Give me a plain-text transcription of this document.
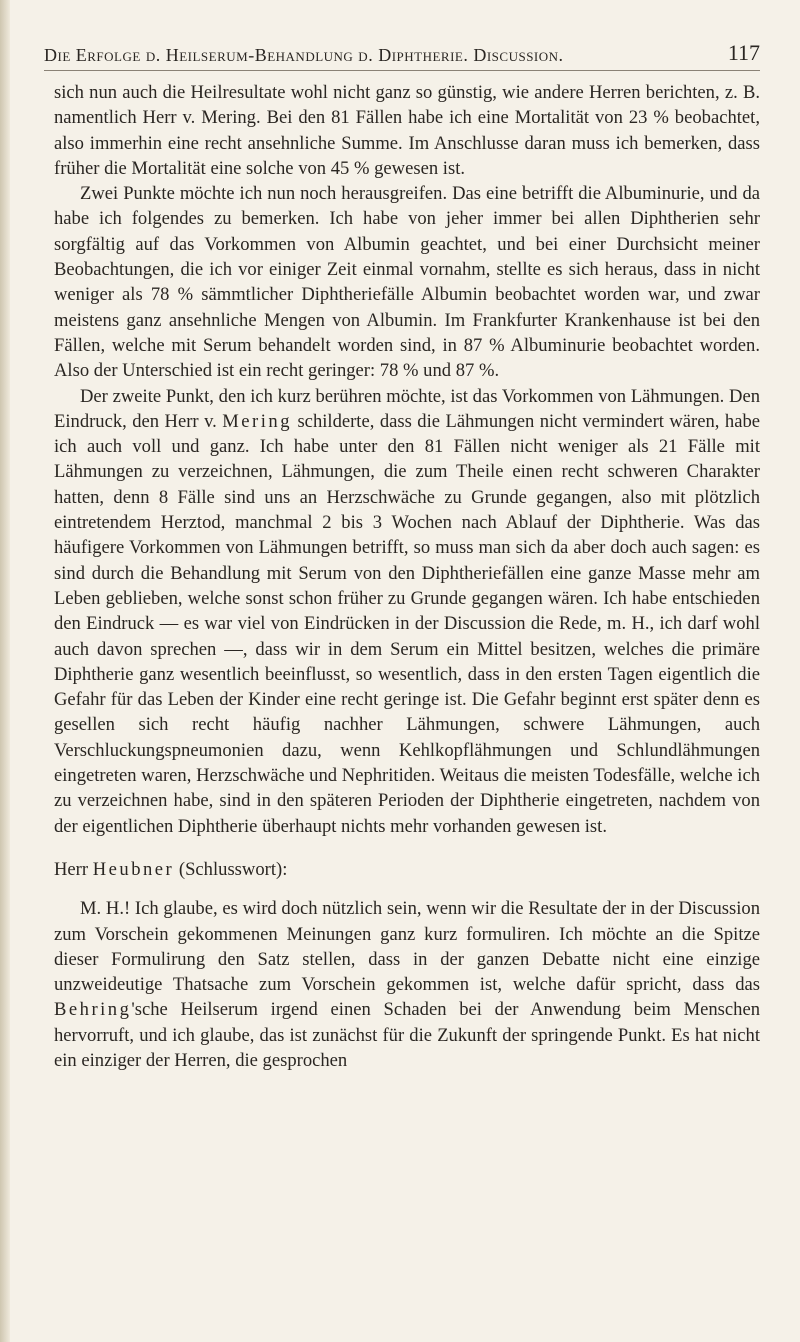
Die Erfolge d. Heilserum-Behandlung d. Diphtherie. Discussion.	117

sich nun auch die Heilresultate wohl nicht ganz so günstig, wie andere Herren berichten, z. B. namentlich Herr v. Mering. Bei den 81 Fällen habe ich eine Mortalität von 23 % beobachtet, also immerhin eine recht ansehnliche Summe. Im Anschlusse daran muss ich bemerken, dass früher die Mortalität eine solche von 45 % gewesen ist.

Zwei Punkte möchte ich nun noch herausgreifen. Das eine betrifft die Albuminurie, und da habe ich folgendes zu bemerken. Ich habe von jeher immer bei allen Diphtherien sehr sorgfältig auf das Vorkommen von Albumin geachtet, und bei einer Durchsicht meiner Beobachtungen, die ich vor einiger Zeit einmal vornahm, stellte es sich heraus, dass in nicht weniger als 78 % sämmtlicher Diphtheriefälle Albumin beobachtet worden war, und zwar meistens ganz ansehnliche Mengen von Albumin. Im Frankfurter Krankenhause ist bei den Fällen, welche mit Serum behandelt worden sind, in 87 % Albuminurie beobachtet worden. Also der Unterschied ist ein recht geringer: 78 % und 87 %.

Der zweite Punkt, den ich kurz berühren möchte, ist das Vorkommen von Lähmungen. Den Eindruck, den Herr v. Mering schilderte, dass die Lähmungen nicht vermindert wären, habe ich auch voll und ganz. Ich habe unter den 81 Fällen nicht weniger als 21 Fälle mit Lähmungen zu verzeichnen, Lähmungen, die zum Theile einen recht schweren Charakter hatten, denn 8 Fälle sind uns an Herzschwäche zu Grunde gegangen, also mit plötzlich eintretendem Herztod, manchmal 2 bis 3 Wochen nach Ablauf der Diphtherie. Was das häufigere Vorkommen von Lähmungen betrifft, so muss man sich da aber doch auch sagen: es sind durch die Behandlung mit Serum von den Diphtheriefällen eine ganze Masse mehr am Leben geblieben, welche sonst schon früher zu Grunde gegangen wären. Ich habe entschieden den Eindruck — es war viel von Eindrücken in der Discussion die Rede, m. H., ich darf wohl auch davon sprechen —, dass wir in dem Serum ein Mittel besitzen, welches die primäre Diphtherie ganz wesentlich beeinflusst, so wesentlich, dass in den ersten Tagen eigentlich die Gefahr für das Leben der Kinder eine recht geringe ist. Die Gefahr beginnt erst später denn es gesellen sich recht häufig nachher Lähmungen, schwere Lähmungen, auch Verschluckungspneumonien dazu, wenn Kehlkopflähmungen und Schlundlähmungen eingetreten waren, Herzschwäche und Nephritiden. Weitaus die meisten Todesfälle, welche ich zu verzeichnen habe, sind in den späteren Perioden der Diphtherie eingetreten, nachdem von der eigentlichen Diphtherie überhaupt nichts mehr vorhanden gewesen ist.

Herr Heubner (Schlusswort):

M. H.! Ich glaube, es wird doch nützlich sein, wenn wir die Resultate der in der Discussion zum Vorschein gekommenen Meinungen ganz kurz formuliren. Ich möchte an die Spitze dieser Formulirung den Satz stellen, dass in der ganzen Debatte nicht eine einzige unzweideutige Thatsache zum Vorschein gekommen ist, welche dafür spricht, dass das Behring'sche Heilserum irgend einen Schaden bei der Anwendung beim Menschen hervorruft, und ich glaube, das ist zunächst für die Zukunft der springende Punkt. Es hat nicht ein einziger der Herren, die gesprochen
